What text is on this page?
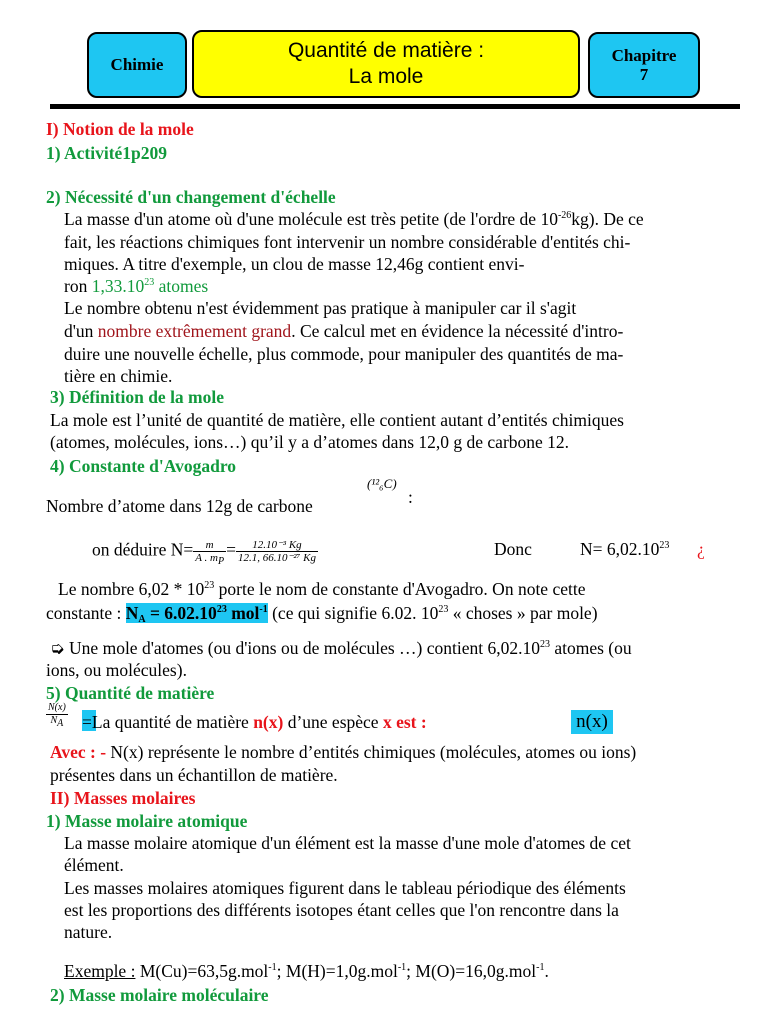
Chimie
Quantité de matière :
La mole
Chapitre
7
I) Notion de la mole
1) Activité1p209
2) Nécessité d'un changement d'échelle
La masse d'un atome où d'une molécule est très petite (de l'ordre de $10^{-26}kg$). De ce
fait, les réactions chimiques font intervenir un nombre considérable d'entités chi-
miques. A titre d'exemple, un clou de masse 12,46g contient envi-
ron 1,33.10$^{23}$ atomes
Le nombre obtenu n'est évidemment pas pratique à manipuler car il s'agit
d'un nombre extrêmement grand. Ce calcul met en évidence la nécessité d'intro-
duire une nouvelle échelle, plus commode, pour manipuler des quantités de ma-
tière en chimie.
3) Définition de la mole
La mole est l’unité de quantité de matière, elle contient autant d’entités chimiques
(atomes, molécules, ions…) qu’il y a d’atomes dans 12,0 g de carbone 12.
4) Constante d'Avogadro
Nombre d’atome dans 12g de carbone
(¹²₆C)
:
on déduire $N= \frac{m}{A . m_P} = \frac{\text{12.10⁻³ Kg}}{\text{12.1, 66.10⁻²⁷ Kg}}$	Donc	$N= 6,02.10^{23}$ ¿
Le nombre $6,02 * 10^{23}$ porte le nom de constante d'Avogadro. On note cette
constante : $N_A = 6.02.10^{23}$ mol$^{-1}$ (ce qui signifie 6.02. $10^{23}$ « choses » par mole)
➭ Une mole d'atomes (ou d'ions ou de molécules …) contient 6,02.10$^{23}$ atomes (ou
ions, ou molécules).
5) Quantité de matière
$\frac{N(x)}{N_A} =La$ quantité de matière n(x) d’une espèce x est :	n(x)
Avec : - N(x) représente le nombre d’entités chimiques (molécules, atomes ou ions)
présentes dans un échantillon de matière.
II) Masses molaires
1) Masse molaire atomique
La masse molaire atomique d'un élément est la masse d'une mole d'atomes de cet
élément.
Les masses molaires atomiques figurent dans le tableau périodique des éléments
est les proportions des différents isotopes étant celles que l'on rencontre dans la
nature.
Exemple : M(Cu)=63,5g.mol$^{-1}$; M(H)=1,0g.mol$^{-1}$; M(O)=16,0g.mol$^{-1}$.
2) Masse molaire moléculaire
